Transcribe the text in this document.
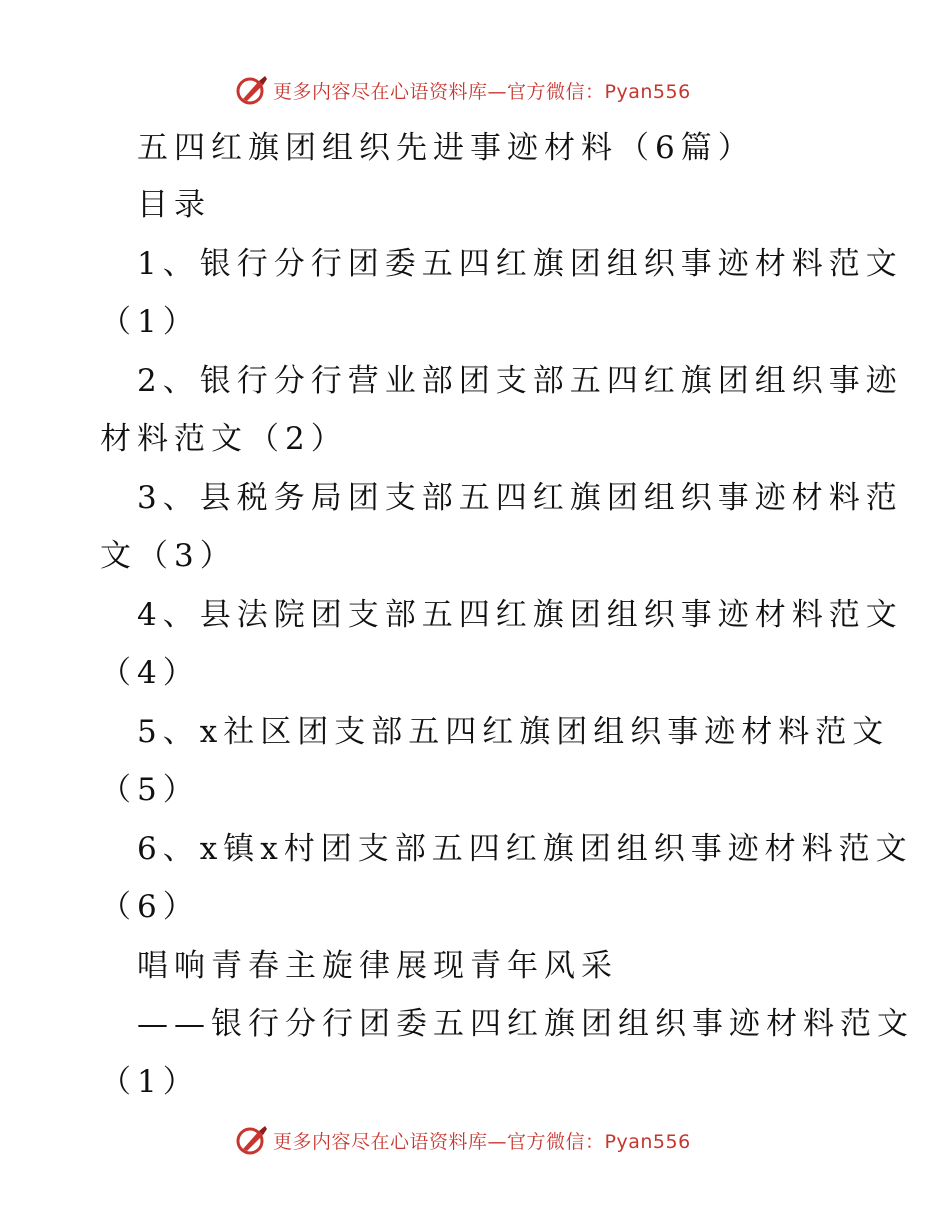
更多内容尽在心语资料库—官方微信：Pyan556
五四红旗团组织先进事迹材料（6篇）
目录
1、银行分行团委五四红旗团组织事迹材料范文
（1）
2、银行分行营业部团支部五四红旗团组织事迹
材料范文（2）
3、县税务局团支部五四红旗团组织事迹材料范
文（3）
4、县法院团支部五四红旗团组织事迹材料范文
（4）
5、x社区团支部五四红旗团组织事迹材料范文
（5）
6、x镇x村团支部五四红旗团组织事迹材料范文
（6）
唱响青春主旋律展现青年风采
——银行分行团委五四红旗团组织事迹材料范文
（1）
更多内容尽在心语资料库—官方微信：Pyan556
